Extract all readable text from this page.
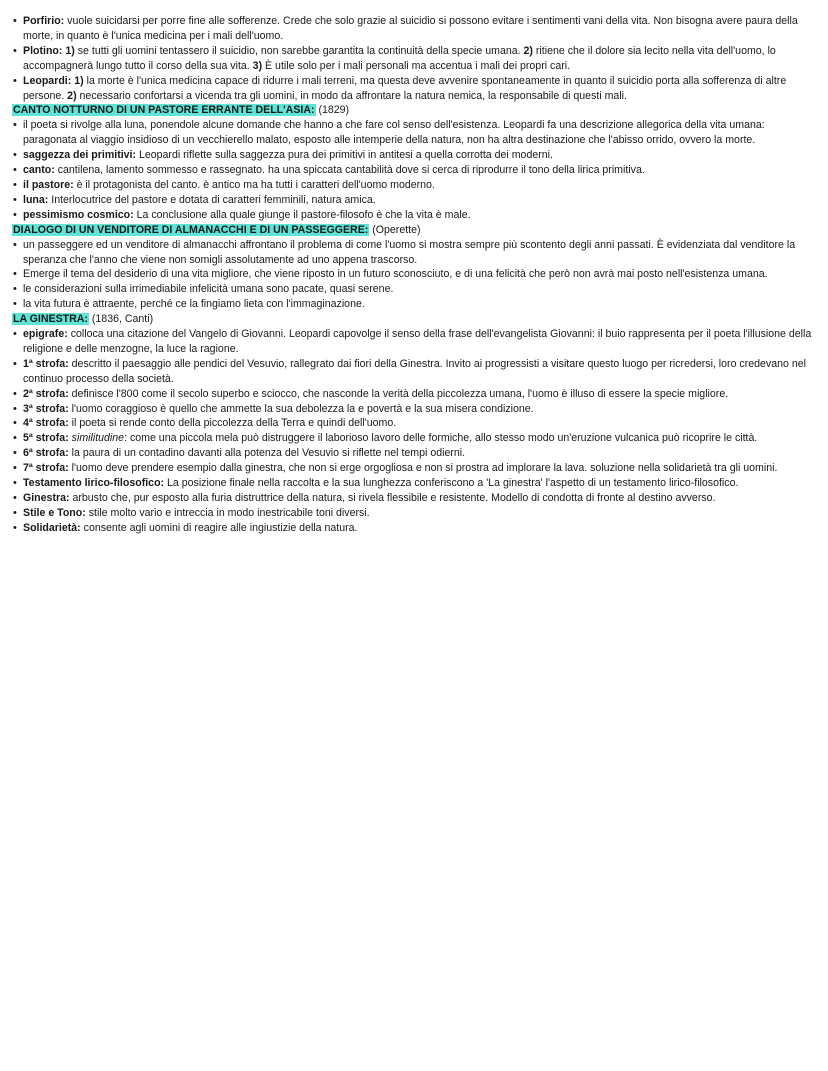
• Porfirio: vuole suicidarsi per porre fine alle sofferenze. Crede che solo grazie al suicidio si possono evitare i sentimenti vani della vita. Non bisogna avere paura della morte, in quanto è l'unica medicina per i mali dell'uomo.
• Plotino: 1) se tutti gli uomini tentassero il suicidio, non sarebbe garantita la continuità della specie umana. 2) ritiene che il dolore sia lecito nella vita dell'uomo, lo accompagnerà lungo tutto il corso della sua vita. 3) È utile solo per i mali personali ma accentua i mali dei propri cari.
• Leopardi: 1) la morte è l'unica medicina capace di ridurre i mali terreni, ma questa deve avvenire spontaneamente in quanto il suicidio porta alla sofferenza di altre persone. 2) necessario confortarsi a vicenda tra gli uomini, in modo da affrontare la natura nemica, la responsabile di questi mali.
CANTO NOTTURNO DI UN PASTORE ERRANTE DELL'ASIA: (1829)
• il poeta si rivolge alla luna, ponendole alcune domande che hanno a che fare col senso dell'esistenza. Leopardi fa una descrizione allegorica della vita umana: paragonata al viaggio insidioso di un vecchierello malato, esposto alle intemperie della natura, non ha altra destinazione che l'abisso orrido, ovvero la morte.
• saggezza dei primitivi: Leopardi riflette sulla saggezza pura dei primitivi in antitesi a quella corrotta dei moderni.
• canto: cantilena, lamento sommesso e rassegnato. ha una spiccata cantabilità dove si cerca di riprodurre il tono della lirica primitiva.
• il pastore: è il protagonista del canto. è antico ma ha tutti i caratteri dell'uomo moderno.
• luna: Interlocutrice del pastore e dotata di caratteri femminili, natura amica.
• pessimismo cosmico: La conclusione alla quale giunge il pastore-filosofo è che la vita è male.
DIALOGO DI UN VENDITORE DI ALMANACCHI E DI UN PASSEGGERE: (Operette)
• un passeggere ed un venditore di almanacchi affrontano il problema di come l'uomo si mostra sempre più scontento degli anni passati. È evidenziata dal venditore la speranza che l'anno che viene non somigli assolutamente ad uno appena trascorso.
• Emerge il tema del desiderio di una vita migliore, che viene riposto in un futuro sconosciuto, e di una felicità che però non avrà mai posto nell'esistenza umana.
• le considerazioni sulla irrimediabile infelicità umana sono pacate, quasi serene.
• la vita futura è attraente, perché ce la fingiamo lieta con l'immaginazione.
LA GINESTRA: (1836, Canti)
• epigrafe: colloca una citazione del Vangelo di Giovanni. Leopardi capovolge il senso della frase dell'evangelista Giovanni: il buio rappresenta per il poeta l'illusione della religione e delle menzogne, la luce la ragione.
• 1ª strofa: descritto il paesaggio alle pendici del Vesuvio, rallegrato dai fiori della Ginestra. Invito ai progressisti a visitare questo luogo per ricredersi, loro credevano nel continuo processo della società.
• 2ª strofa: definisce l'800 come il secolo superbo e sciocco, che nasconde la verità della piccolezza umana, l'uomo è illuso di essere la specie migliore.
• 3ª strofa: l'uomo coraggioso è quello che ammette la sua debolezza la e povertà e la sua misera condizione.
• 4ª strofa: il poeta si rende conto della piccolezza della Terra e quindi dell'uomo.
• 5ª strofa: similitudine: come una piccola mela può distruggere il laborioso lavoro delle formiche, allo stesso modo un'eruzione vulcanica può ricoprire le città.
• 6ª strofa: la paura di un contadino davanti alla potenza del Vesuvio si riflette nel tempi odierni.
• 7ª strofa: l'uomo deve prendere esempio dalla ginestra, che non si erge orgogliosa e non si prostra ad implorare la lava. soluzione nella solidarietà tra gli uomini.
• Testamento lirico-filosofico: La posizione finale nella raccolta e la sua lunghezza conferiscono a 'La ginestra' l'aspetto di un testamento lirico-filosofico.
• Ginestra: arbusto che, pur esposto alla furia distruttrice della natura, si rivela flessibile e resistente. Modello di condotta di fronte al destino avverso.
• Stile e Tono: stile molto vario e intreccia in modo inestricabile toni diversi.
• Solidarietà: consente agli uomini di reagire alle ingiustizie della natura.
